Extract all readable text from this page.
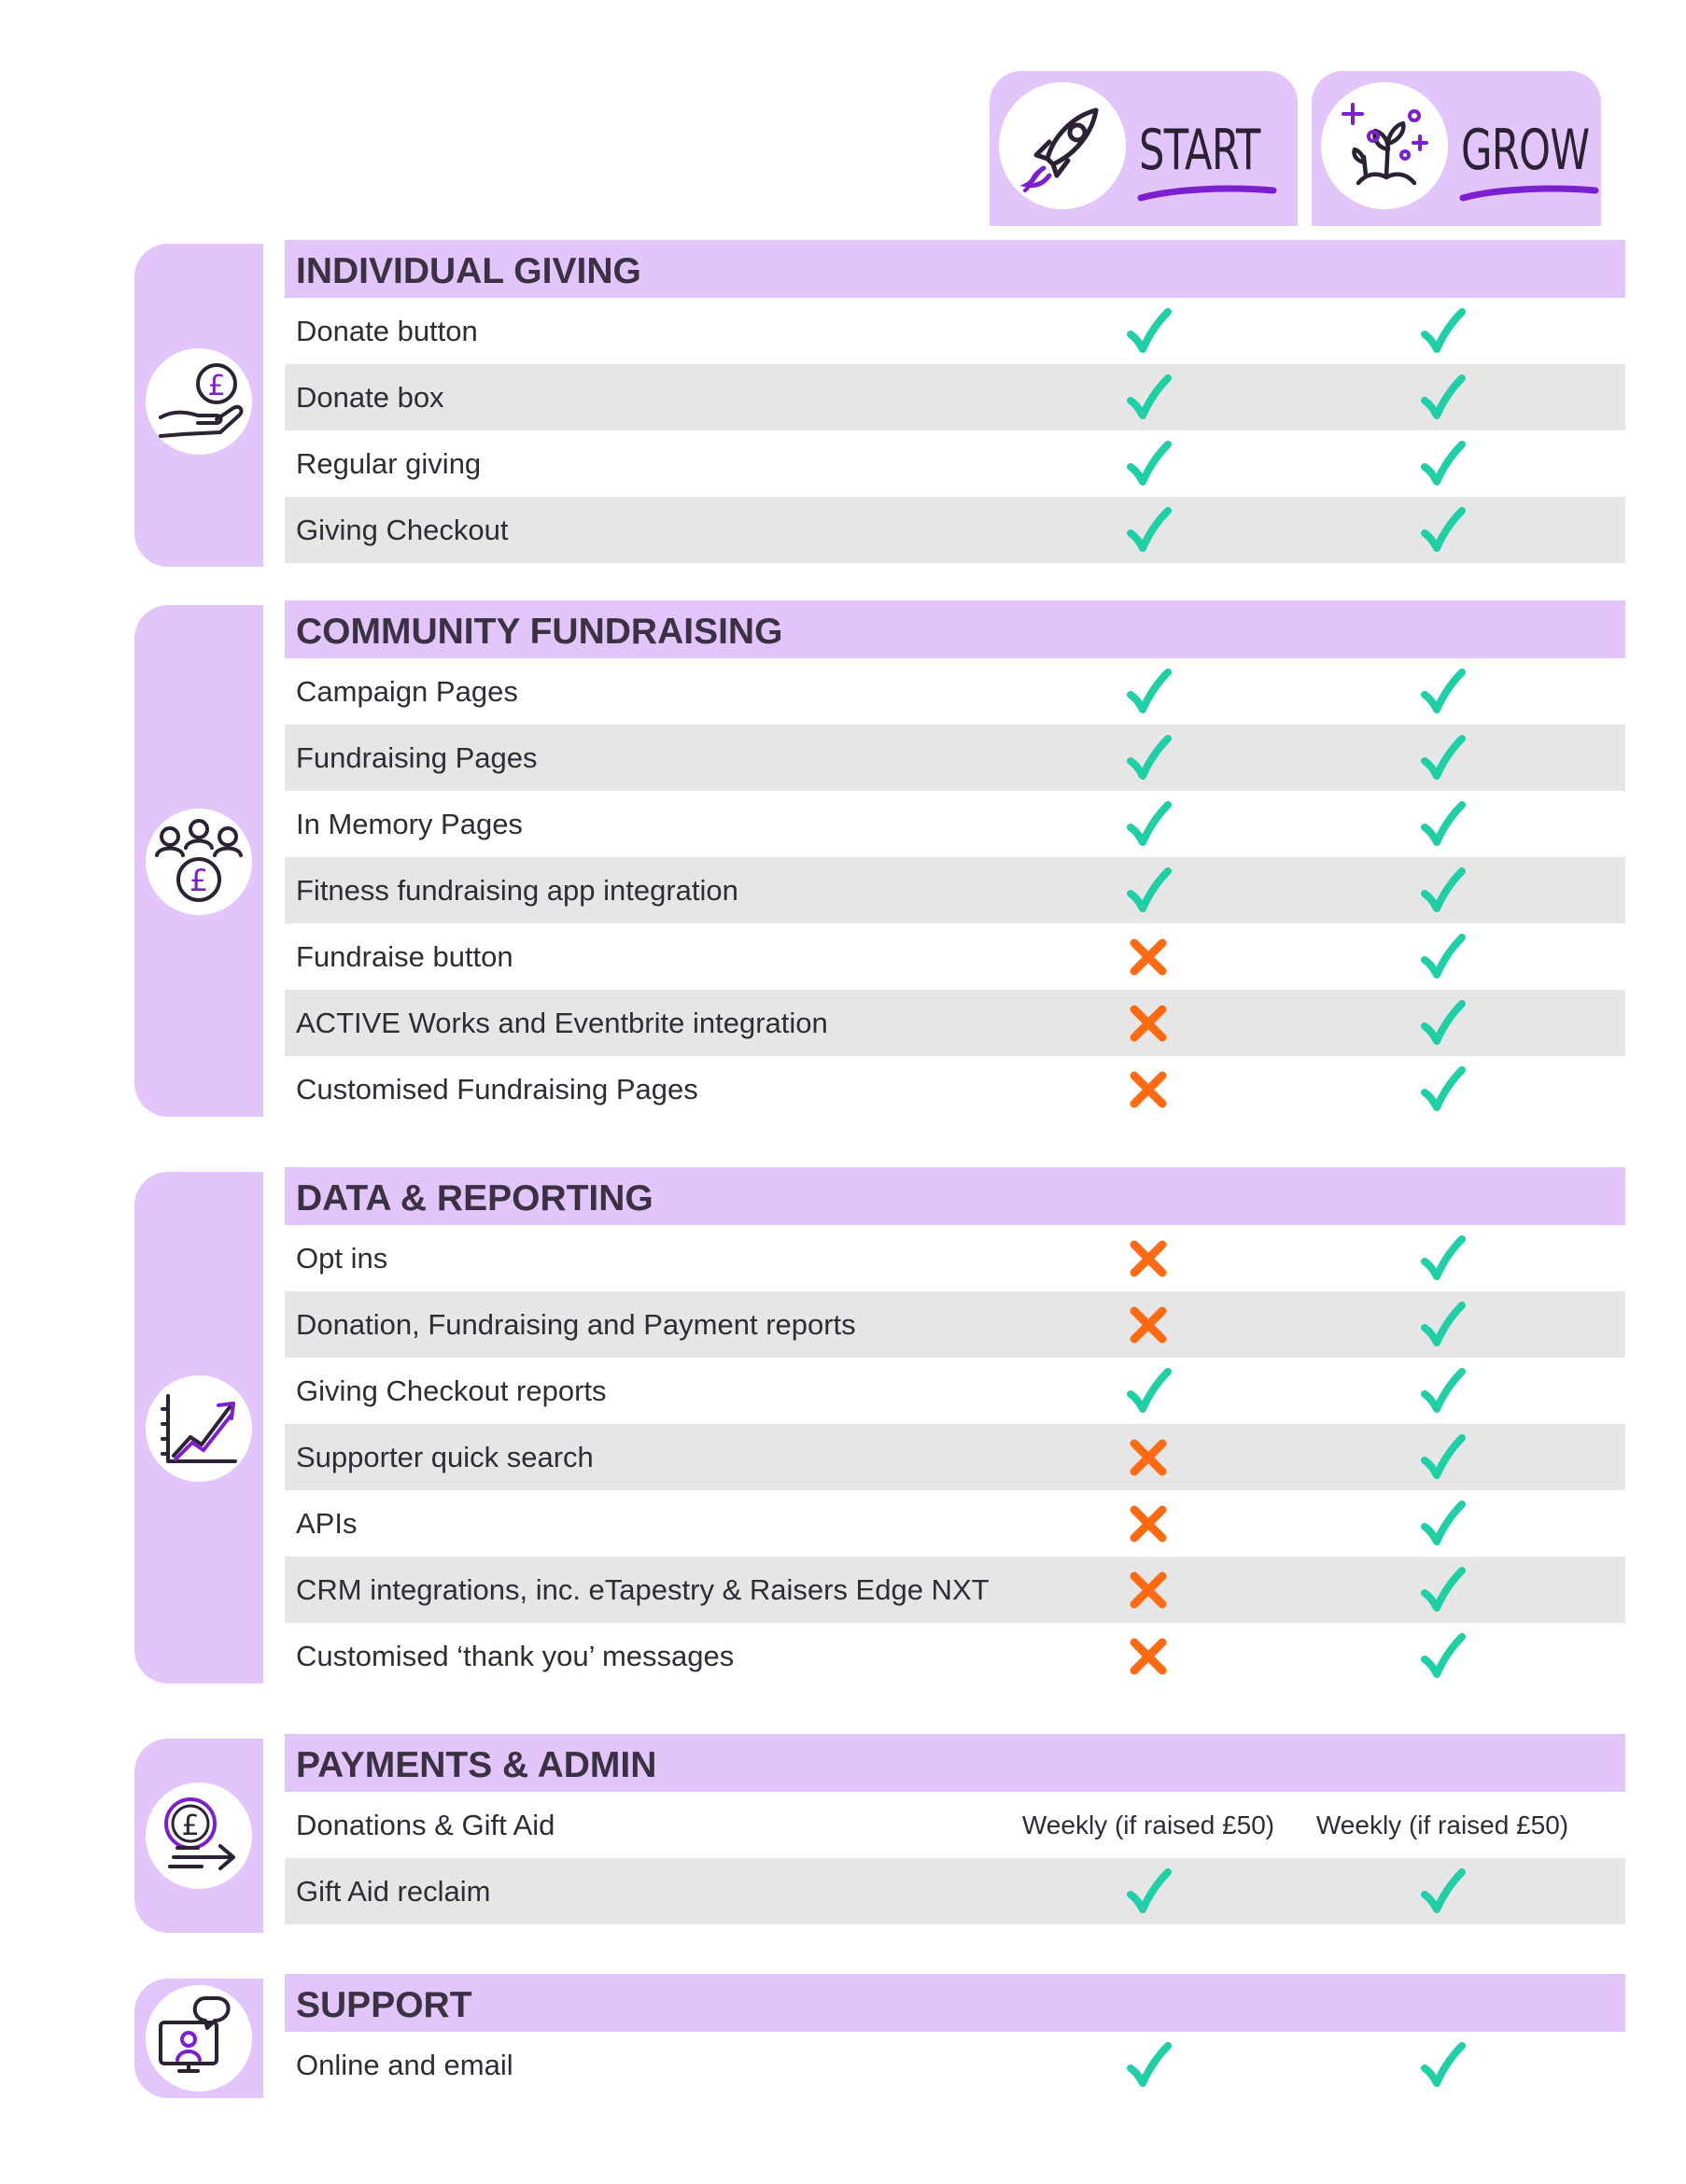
START	GROW
£
£
£
INDIVIDUAL GIVING
Donate button
Donate box
Regular giving
Giving Checkout
COMMUNITY FUNDRAISING
Campaign Pages
Fundraising Pages
In Memory Pages
Fitness fundraising app integration
Fundraise button
ACTIVE Works and Eventbrite integration
Customised Fundraising Pages
DATA & REPORTING
Opt ins
Donation, Fundraising and Payment reports
Giving Checkout reports
Supporter quick search
APIs
CRM integrations, inc. eTapestry & Raisers Edge NXT
Customised ‘thank you’ messages
PAYMENTS & ADMIN
Donations & Gift Aid	Weekly (if raised £50) Weekly (if raised £50)
Gift Aid reclaim
SUPPORT
Online and email
